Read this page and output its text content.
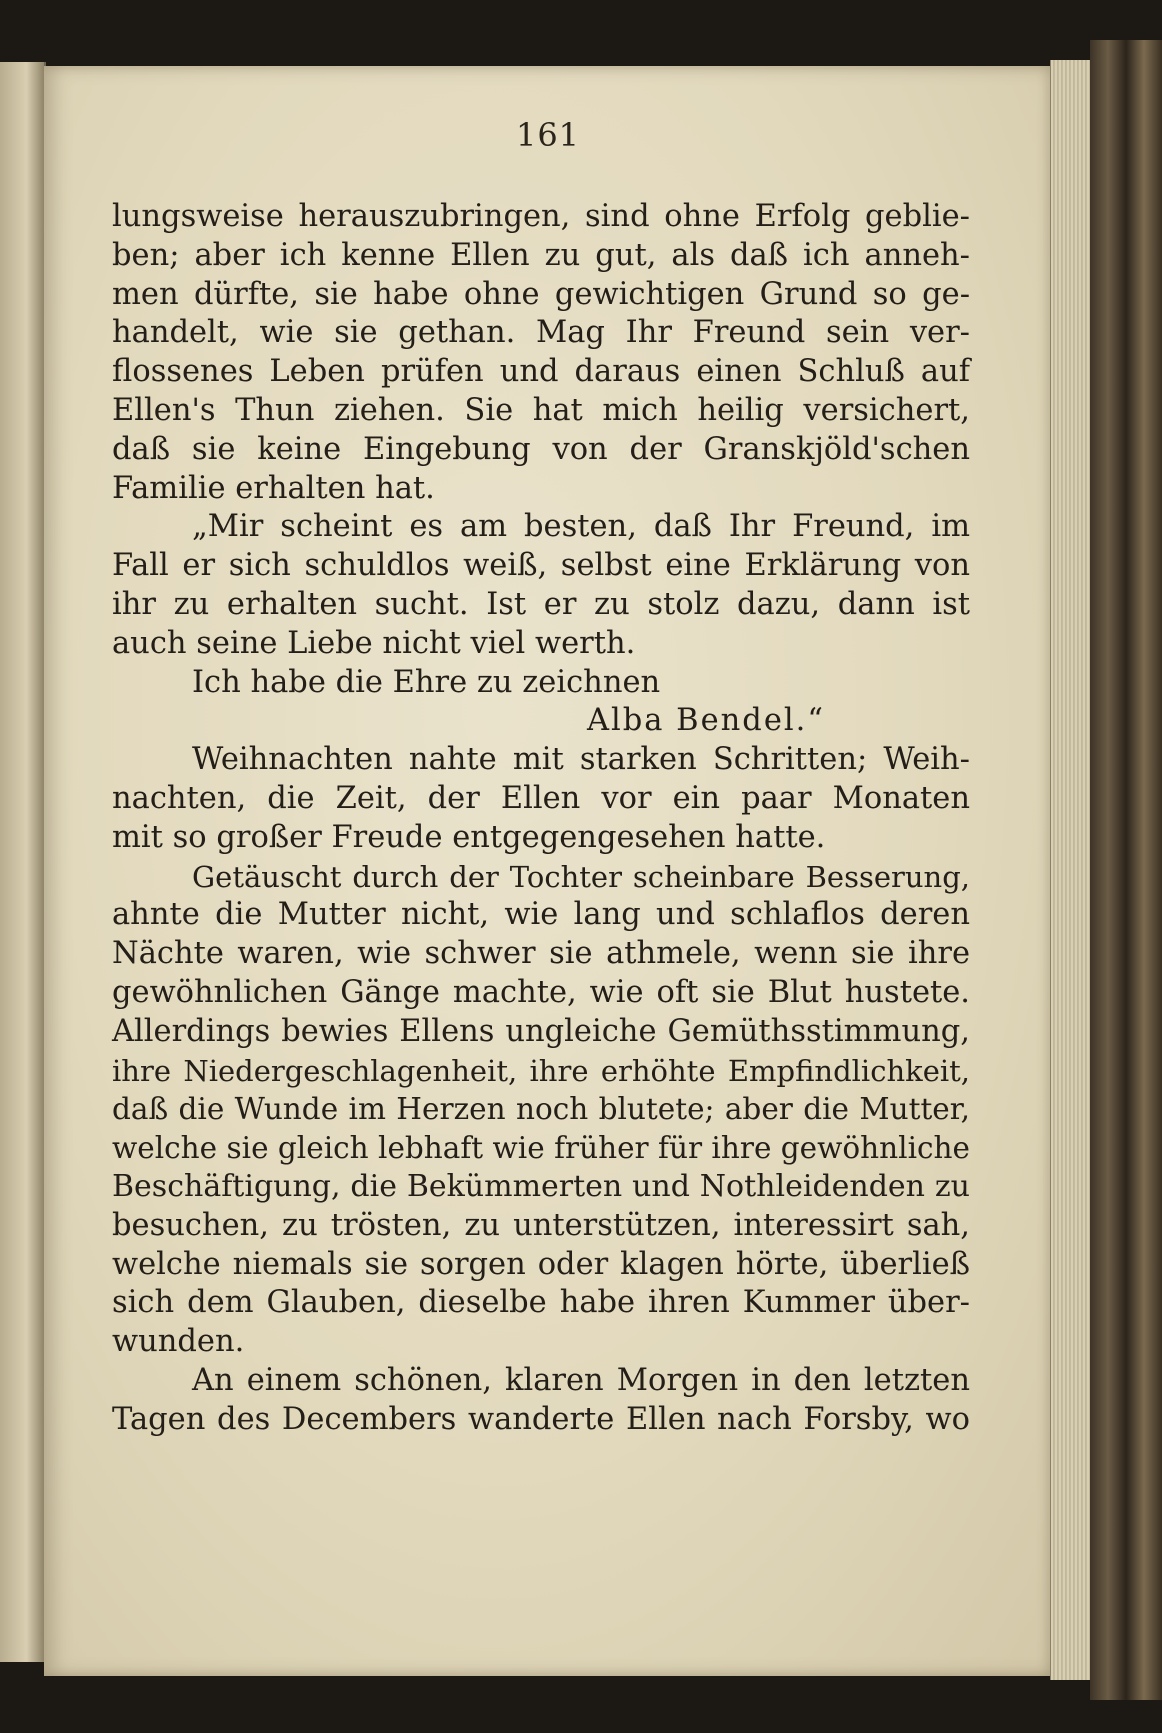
161
lungsweise herauszubringen, sind ohne Erfolg geblie-
ben; aber ich kenne Ellen zu gut, als daß ich anneh-
men dürfte, sie habe ohne gewichtigen Grund so ge-
handelt, wie sie gethan. Mag Ihr Freund sein ver-
flossenes Leben prüfen und daraus einen Schluß auf
Ellen's Thun ziehen. Sie hat mich heilig versichert,
daß sie keine Eingebung von der Granskjöld'schen
Familie erhalten hat.
„Mir scheint es am besten, daß Ihr Freund, im
Fall er sich schuldlos weiß, selbst eine Erklärung von
ihr zu erhalten sucht. Ist er zu stolz dazu, dann ist
auch seine Liebe nicht viel werth.
Ich habe die Ehre zu zeichnen
Alba Bendel.“
Weihnachten nahte mit starken Schritten; Weih-
nachten, die Zeit, der Ellen vor ein paar Monaten
mit so großer Freude entgegengesehen hatte.
Getäuscht durch der Tochter scheinbare Besserung,
ahnte die Mutter nicht, wie lang und schlaflos deren
Nächte waren, wie schwer sie athmele, wenn sie ihre
gewöhnlichen Gänge machte, wie oft sie Blut hustete.
Allerdings bewies Ellens ungleiche Gemüthsstimmung,
ihre Niedergeschlagenheit, ihre erhöhte Empfindlichkeit,
daß die Wunde im Herzen noch blutete; aber die Mutter,
welche sie gleich lebhaft wie früher für ihre gewöhnliche
Beschäftigung, die Bekümmerten und Nothleidenden zu
besuchen, zu trösten, zu unterstützen, interessirt sah,
welche niemals sie sorgen oder klagen hörte, überließ
sich dem Glauben, dieselbe habe ihren Kummer über-
wunden.
An einem schönen, klaren Morgen in den letzten
Tagen des Decembers wanderte Ellen nach Forsby, wo
